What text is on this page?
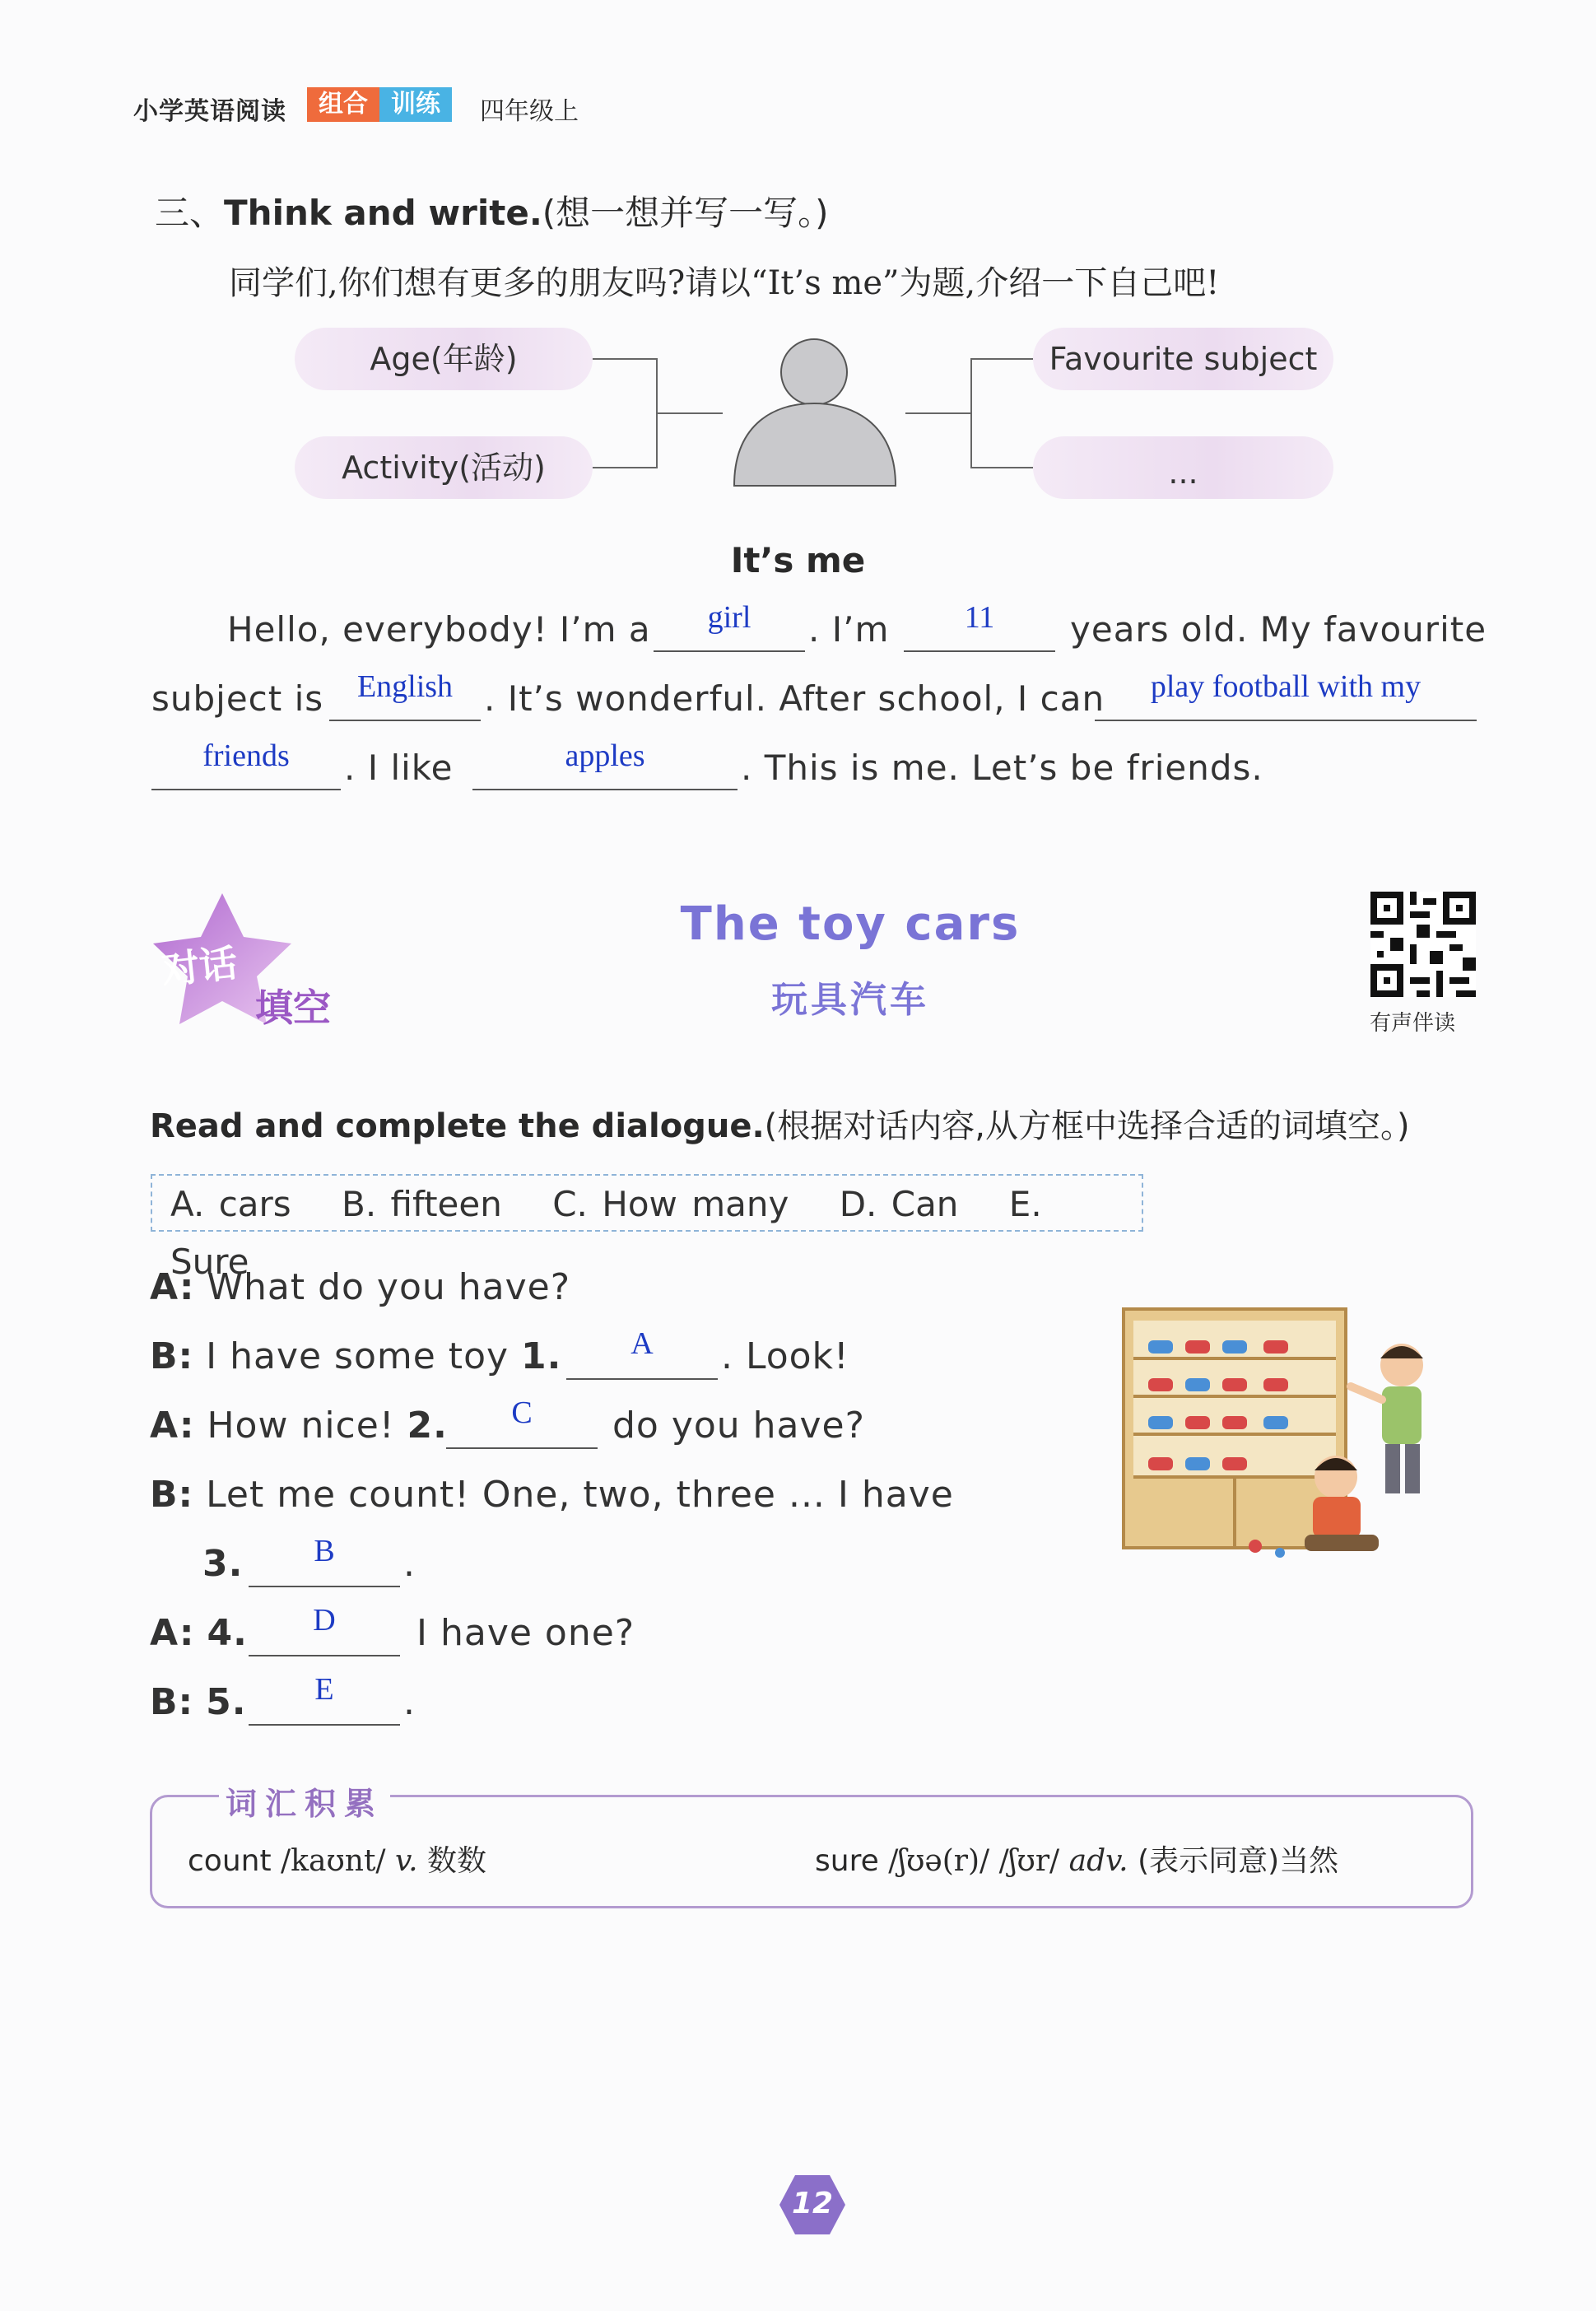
小学英语阅读	组合 训练	四年级上
三、Think and write.(想一想并写一写。)
同学们,你们想有更多的朋友吗?请以“It’s me”为题,介绍一下自己吧!
Age(年龄)
Activity(活动)
Favourite subject
...
It’s me
Hello, everybody! I’m a	girl	. I’m	11	years old. My favourite
subject is	English . It’s wonderful. After school, I can	play football with my
friends	. I like	apples	. This is me. Let’s be friends.
对话
填空
The toy cars
玩具汽车
有声伴读
Read and complete the dialogue.(根据对话内容,从方框中选择合适的词填空。)
A. cars B. fifteen C. How many D. Can E. Sure
A: What do you have?
B: I have some toy 1.	A	. Look!
A: How nice! 2.	C	do you have?
B: Let me count! One, two, three ... I have
3.	B	.
A: 4.	D	I have one?
B: 5.	E	.
词汇积累
count /kaʊnt/ v. 数数	sure /ʃʊə(r)/ /ʃʊr/ adv. (表示同意)当然
12
